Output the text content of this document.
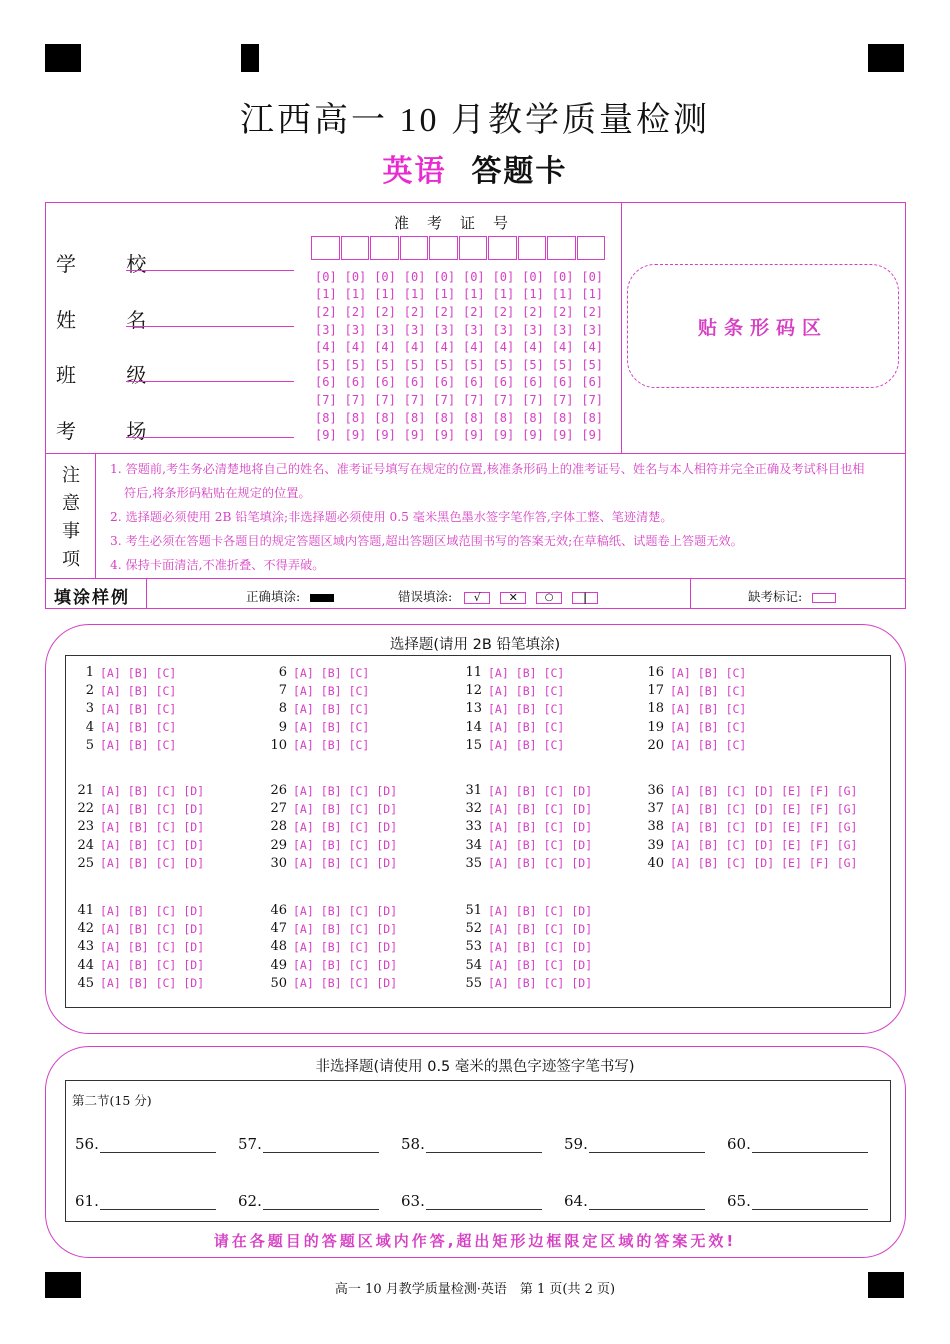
江西高一 10 月教学质量检测
英语 答题卡
学 校
姓 名
班 级
考 场
准考证号
[0] [0] [0] [0] [0] [0] [0] [0] [0] [0]
[1] [1] [1] [1] [1] [1] [1] [1] [1] [1]
[2] [2] [2] [2] [2] [2] [2] [2] [2] [2]
[3] [3] [3] [3] [3] [3] [3] [3] [3] [3]
[4] [4] [4] [4] [4] [4] [4] [4] [4] [4]
[5] [5] [5] [5] [5] [5] [5] [5] [5] [5]
[6] [6] [6] [6] [6] [6] [6] [6] [6] [6]
[7] [7] [7] [7] [7] [7] [7] [7] [7] [7]
[8] [8] [8] [8] [8] [8] [8] [8] [8] [8]
[9] [9] [9] [9] [9] [9] [9] [9] [9] [9]
贴条形码区
注
意
事
项
1. 答题前,考生务必清楚地将自己的姓名、准考证号填写在规定的位置,核准条形码上的准考证号、姓名与本人相符并完全正确及考试科目也相
符后,将条形码粘贴在规定的位置。
2. 选择题必须使用 2B 铅笔填涂;非选择题必须使用 0.5 毫米黑色墨水签字笔作答,字体工整、笔迹清楚。
3. 考生必须在答题卡各题目的规定答题区域内答题,超出答题区域范围书写的答案无效;在草稿纸、试题卷上答题无效。
4. 保持卡面清洁,不准折叠、不得弄破。
填涂样例	正确填涂:	错误填涂: √	✕	○	|	缺考标记:
选择题(请用 2B 铅笔填涂)
1 [A] [B] [C]
2 [A] [B] [C]
3 [A] [B] [C]
4 [A] [B] [C]
5 [A] [B] [C]
6 [A] [B] [C]
7 [A] [B] [C]
8 [A] [B] [C]
9 [A] [B] [C]
10 [A] [B] [C]
11 [A] [B] [C]
12 [A] [B] [C]
13 [A] [B] [C]
14 [A] [B] [C]
15 [A] [B] [C]
16 [A] [B] [C]
17 [A] [B] [C]
18 [A] [B] [C]
19 [A] [B] [C]
20 [A] [B] [C]
21 [A] [B] [C] [D]
22 [A] [B] [C] [D]
23 [A] [B] [C] [D]
24 [A] [B] [C] [D]
25 [A] [B] [C] [D]
26 [A] [B] [C] [D]
27 [A] [B] [C] [D]
28 [A] [B] [C] [D]
29 [A] [B] [C] [D]
30 [A] [B] [C] [D]
31 [A] [B] [C] [D]
32 [A] [B] [C] [D]
33 [A] [B] [C] [D]
34 [A] [B] [C] [D]
35 [A] [B] [C] [D]
36 [A] [B] [C] [D] [E] [F] [G]
37 [A] [B] [C] [D] [E] [F] [G]
38 [A] [B] [C] [D] [E] [F] [G]
39 [A] [B] [C] [D] [E] [F] [G]
40 [A] [B] [C] [D] [E] [F] [G]
41 [A] [B] [C] [D]
42 [A] [B] [C] [D]
43 [A] [B] [C] [D]
44 [A] [B] [C] [D]
45 [A] [B] [C] [D]
46 [A] [B] [C] [D]
47 [A] [B] [C] [D]
48 [A] [B] [C] [D]
49 [A] [B] [C] [D]
50 [A] [B] [C] [D]
51 [A] [B] [C] [D]
52 [A] [B] [C] [D]
53 [A] [B] [C] [D]
54 [A] [B] [C] [D]
55 [A] [B] [C] [D]
非选择题(请使用 0.5 毫米的黑色字迹签字笔书写)
第二节(15 分)
56.	57.	58.	59.	60.
61.	62.	63.	64.	65.
请在各题目的答题区域内作答,超出矩形边框限定区域的答案无效!
高一 10 月教学质量检测·英语　第 1 页(共 2 页)
